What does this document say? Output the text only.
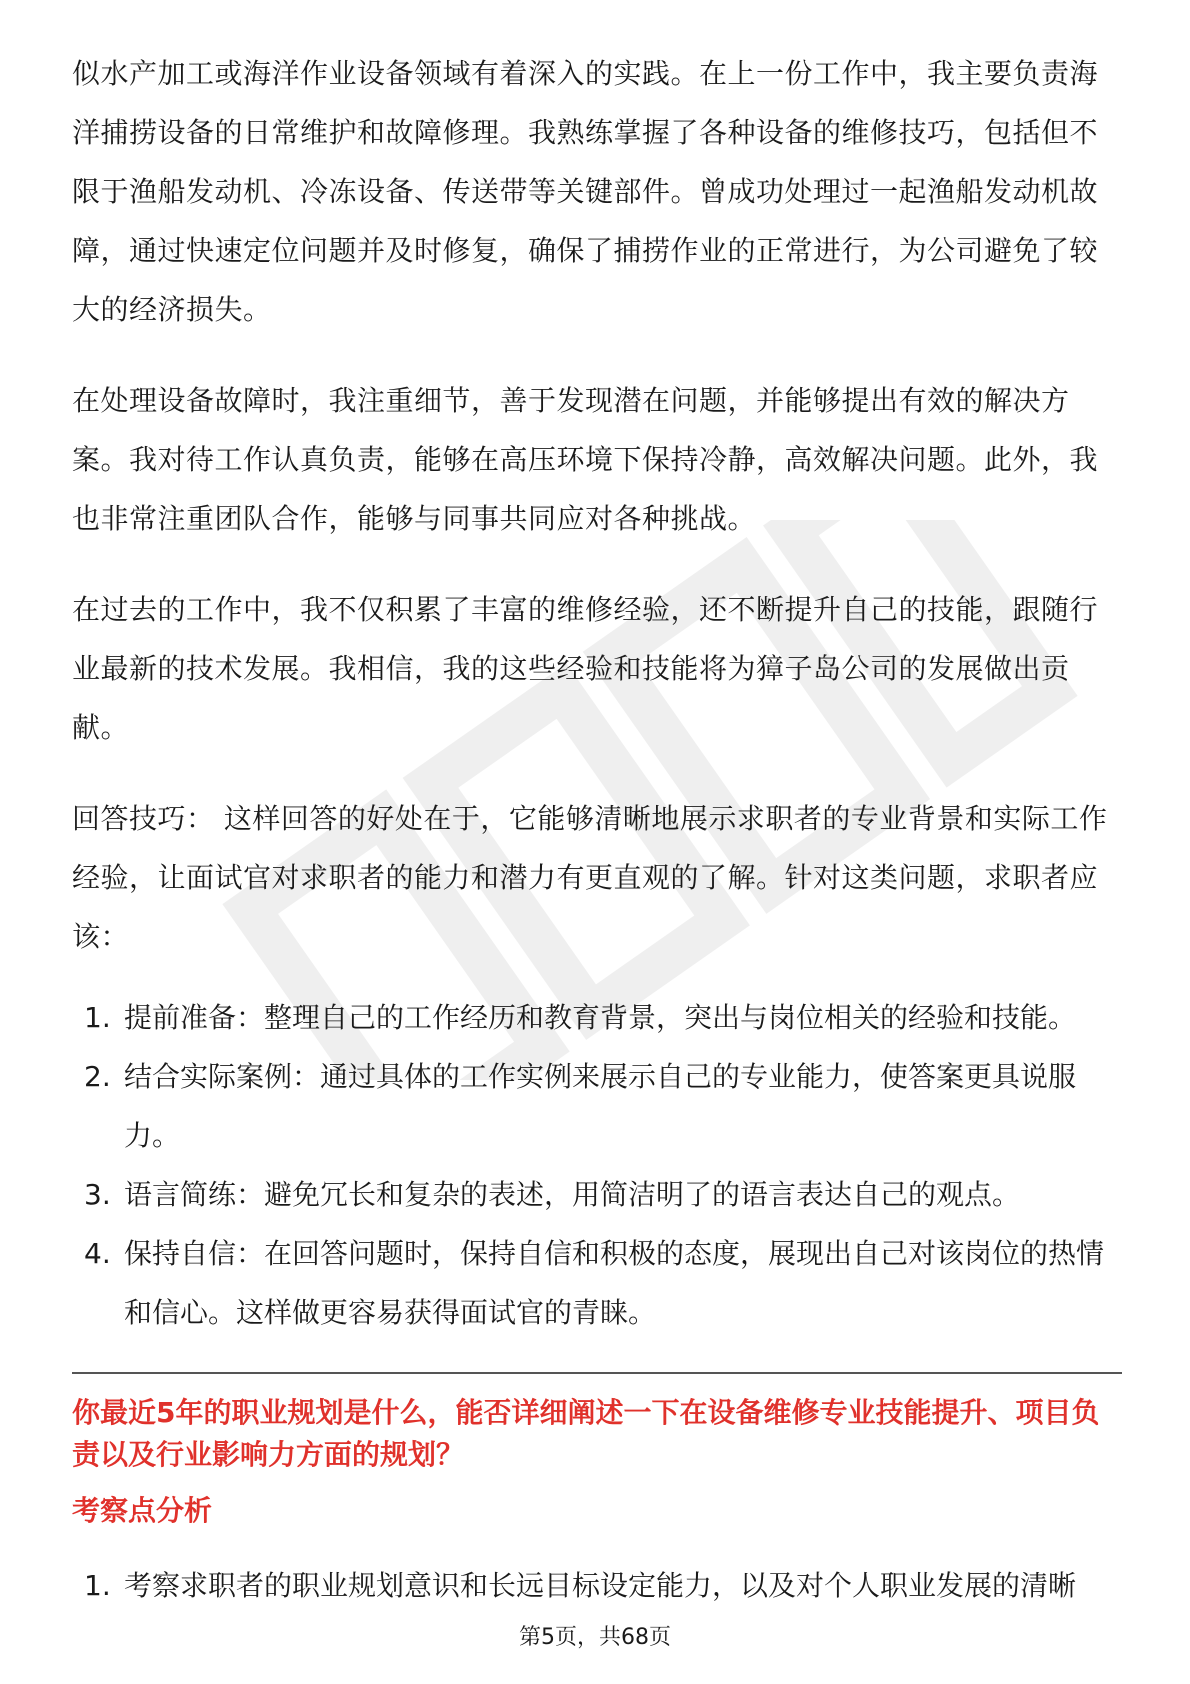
似水产加工或海洋作业设备领域有着深入的实践。在上一份工作中，我主要负责海洋捕捞设备的日常维护和故障修理。我熟练掌握了各种设备的维修技巧，包括但不限于渔船发动机、冷冻设备、传送带等关键部件。曾成功处理过一起渔船发动机故障，通过快速定位问题并及时修复，确保了捕捞作业的正常进行，为公司避免了较大的经济损失。

在处理设备故障时，我注重细节，善于发现潜在问题，并能够提出有效的解决方案。我对待工作认真负责，能够在高压环境下保持冷静，高效解决问题。此外，我也非常注重团队合作，能够与同事共同应对各种挑战。

在过去的工作中，我不仅积累了丰富的维修经验，还不断提升自己的技能，跟随行业最新的技术发展。我相信，我的这些经验和技能将为獐子岛公司的发展做出贡献。

回答技巧： 这样回答的好处在于，它能够清晰地展示求职者的专业背景和实际工作经验，让面试官对求职者的能力和潜力有更直观的了解。针对这类问题，求职者应该：

1. 提前准备：整理自己的工作经历和教育背景，突出与岗位相关的经验和技能。
2. 结合实际案例：通过具体的工作实例来展示自己的专业能力，使答案更具说服力。
3. 语言简练：避免冗长和复杂的表述，用简洁明了的语言表达自己的观点。
4. 保持自信：在回答问题时，保持自信和积极的态度，展现出自己对该岗位的热情和信心。这样做更容易获得面试官的青睐。
你最近5年的职业规划是什么，能否详细阐述一下在设备维修专业技能提升、项目负责以及行业影响力方面的规划？
考察点分析
1. 考察求职者的职业规划意识和长远目标设定能力，以及对个人职业发展的清晰
第5页，共68页
